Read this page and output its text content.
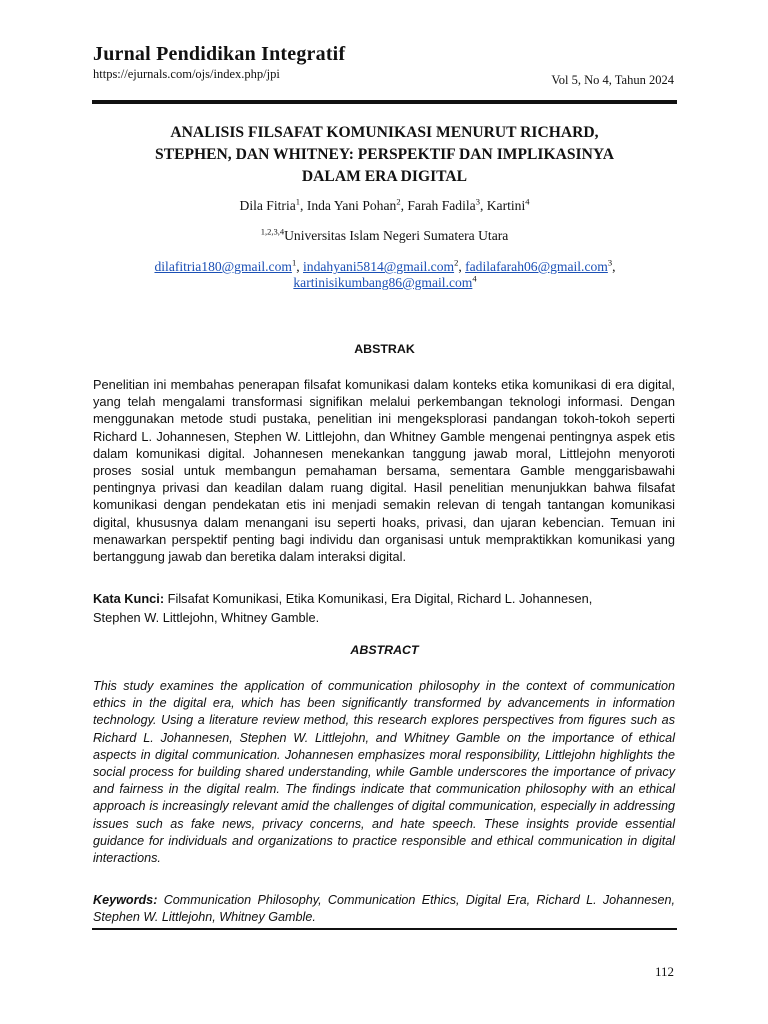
Jurnal Pendidikan Integratif
https://ejurnals.com/ojs/index.php/jpi	Vol 5, No 4, Tahun 2024
ANALISIS FILSAFAT KOMUNIKASI MENURUT RICHARD,
STEPHEN, DAN WHITNEY: PERSPEKTIF DAN IMPLIKASINYA
DALAM ERA DIGITAL
Dila Fitria$^1$, Inda Yani Pohan$^2$, Farah Fadila$^3$, Kartini$^4$
$^{1,2,3,4}$Universitas Islam Negeri Sumatera Utara
dilafitria180@gmail.com$^1$, indahyani5814@gmail.com$^2$, fadilafarah06@gmail.com$^3$,
kartinisikumbang86@gmail.com$^4$
ABSTRAK
Penelitian ini membahas penerapan filsafat komunikasi dalam konteks etika komunikasi di era digital, yang telah mengalami transformasi signifikan melalui perkembangan teknologi informasi. Dengan menggunakan metode studi pustaka, penelitian ini mengeksplorasi pandangan tokoh-tokoh seperti Richard L. Johannesen, Stephen W. Littlejohn, dan Whitney Gamble mengenai pentingnya aspek etis dalam komunikasi digital. Johannesen menekankan tanggung jawab moral, Littlejohn menyoroti proses sosial untuk membangun pemahaman bersama, sementara Gamble menggarisbawahi pentingnya privasi dan keadilan dalam ruang digital. Hasil penelitian menunjukkan bahwa filsafat komunikasi dengan pendekatan etis ini menjadi semakin relevan di tengah tantangan komunikasi digital, khususnya dalam menangani isu seperti hoaks, privasi, dan ujaran kebencian. Temuan ini menawarkan perspektif penting bagi individu dan organisasi untuk mempraktikkan komunikasi yang bertanggung jawab dan beretika dalam interaksi digital.
Kata Kunci: Filsafat Komunikasi, Etika Komunikasi, Era Digital, Richard L. Johannesen,
Stephen W. Littlejohn, Whitney Gamble.
ABSTRACT
This study examines the application of communication philosophy in the context of communication ethics in the digital era, which has been significantly transformed by advancements in information technology. Using a literature review method, this research explores perspectives from figures such as Richard L. Johannesen, Stephen W. Littlejohn, and Whitney Gamble on the importance of ethical aspects in digital communication. Johannesen emphasizes moral responsibility, Littlejohn highlights the social process for building shared understanding, while Gamble underscores the importance of privacy and fairness in the digital realm. The findings indicate that communication philosophy with an ethical approach is increasingly relevant amid the challenges of digital communication, especially in addressing issues such as fake news, privacy concerns, and hate speech. These insights provide essential guidance for individuals and organizations to practice responsible and ethical communication in digital interactions.
Keywords: Communication Philosophy, Communication Ethics, Digital Era, Richard L. Johannesen, Stephen W. Littlejohn, Whitney Gamble.
112
